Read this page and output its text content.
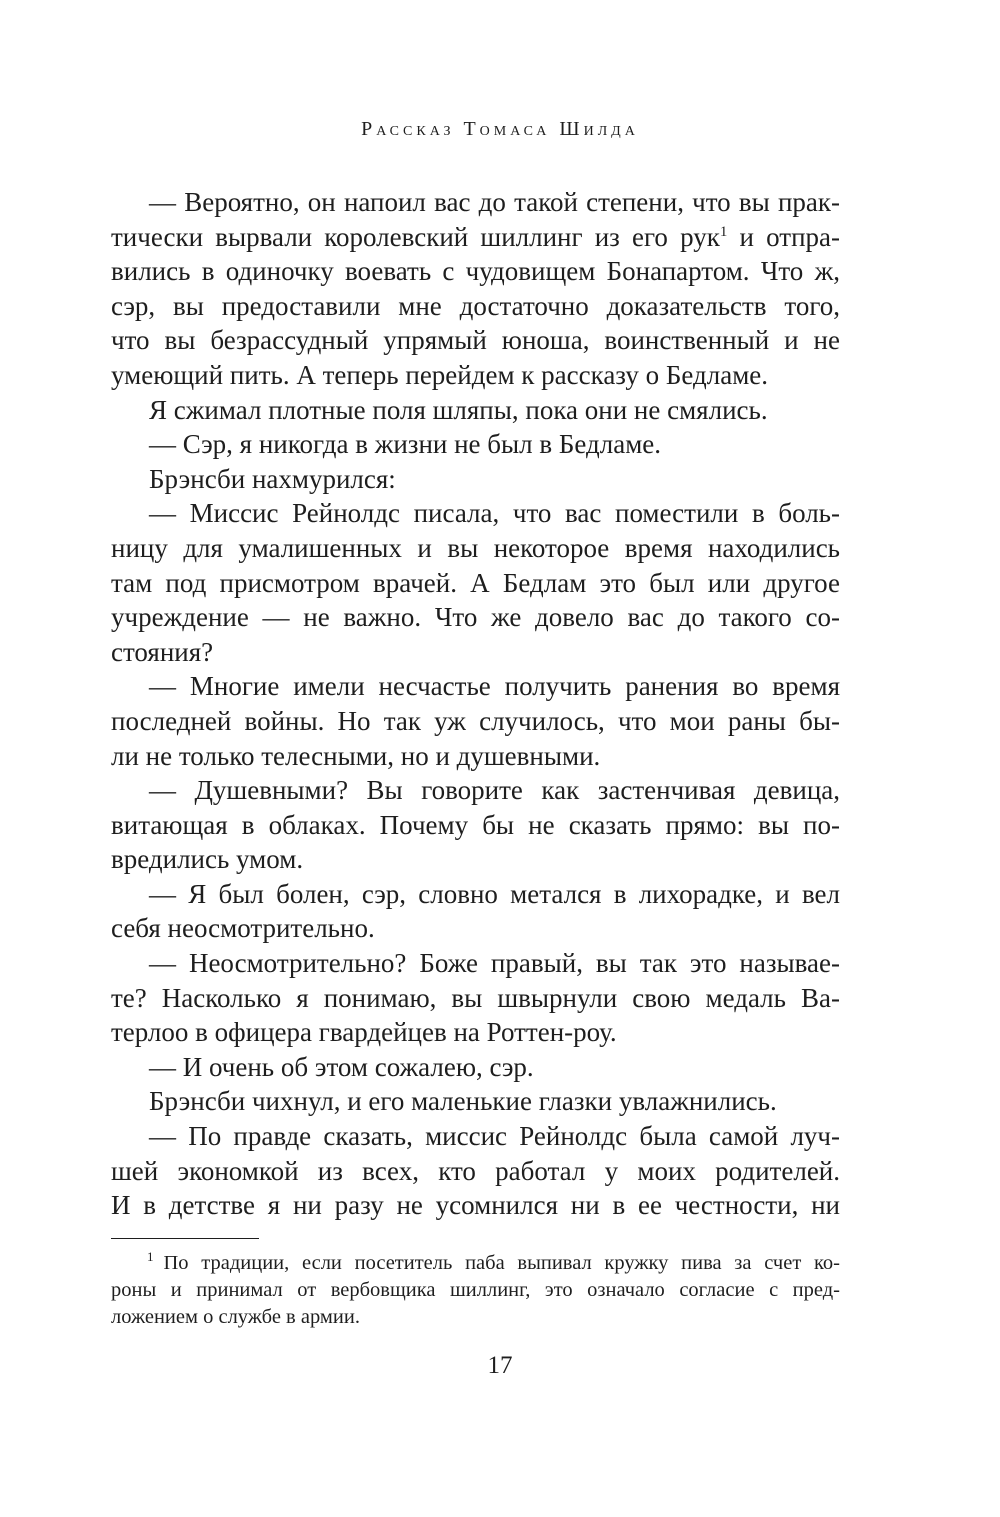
Рассказ Томаса Шилда
— Вероятно, он напоил вас до такой степени, что вы прак-
тически вырвали королевский шиллинг из его рук$^1$ и отпра-
вились в одиночку воевать с чудовищем Бонапартом. Что ж,
сэр, вы предоставили мне достаточно доказательств того,
что вы безрассудный упрямый юноша, воинственный и не
умеющий пить. А теперь перейдем к рассказу о Бедламе.
Я сжимал плотные поля шляпы, пока они не смялись.
— Сэр, я никогда в жизни не был в Бедламе.
Брэнсби нахмурился:
— Миссис Рейнолдс писала, что вас поместили в боль-
ницу для умалишенных и вы некоторое время находились
там под присмотром врачей. А Бедлам это был или другое
учреждение — не важно. Что же довело вас до такого со-
стояния?
— Многие имели несчастье получить ранения во время
последней войны. Но так уж случилось, что мои раны бы-
ли не только телесными, но и душевными.
— Душевными? Вы говорите как застенчивая девица,
витающая в облаках. Почему бы не сказать прямо: вы по-
вредились умом.
— Я был болен, сэр, словно метался в лихорадке, и вел
себя неосмотрительно.
— Неосмотрительно? Боже правый, вы так это называе-
те? Насколько я понимаю, вы швырнули свою медаль Ва-
терлоо в офицера гвардейцев на Роттен-роу.
— И очень об этом сожалею, сэр.
Брэнсби чихнул, и его маленькие глазки увлажнились.
— По правде сказать, миссис Рейнолдс была самой луч-
шей экономкой из всех, кто работал у моих родителей.
И в детстве я ни разу не усомнился ни в ее честности, ни
$^1$ По традиции, если посетитель паба выпивал кружку пива за счет ко-
роны и принимал от вербовщика шиллинг, это означало согласие с пред-
ложением о службе в армии.
17
